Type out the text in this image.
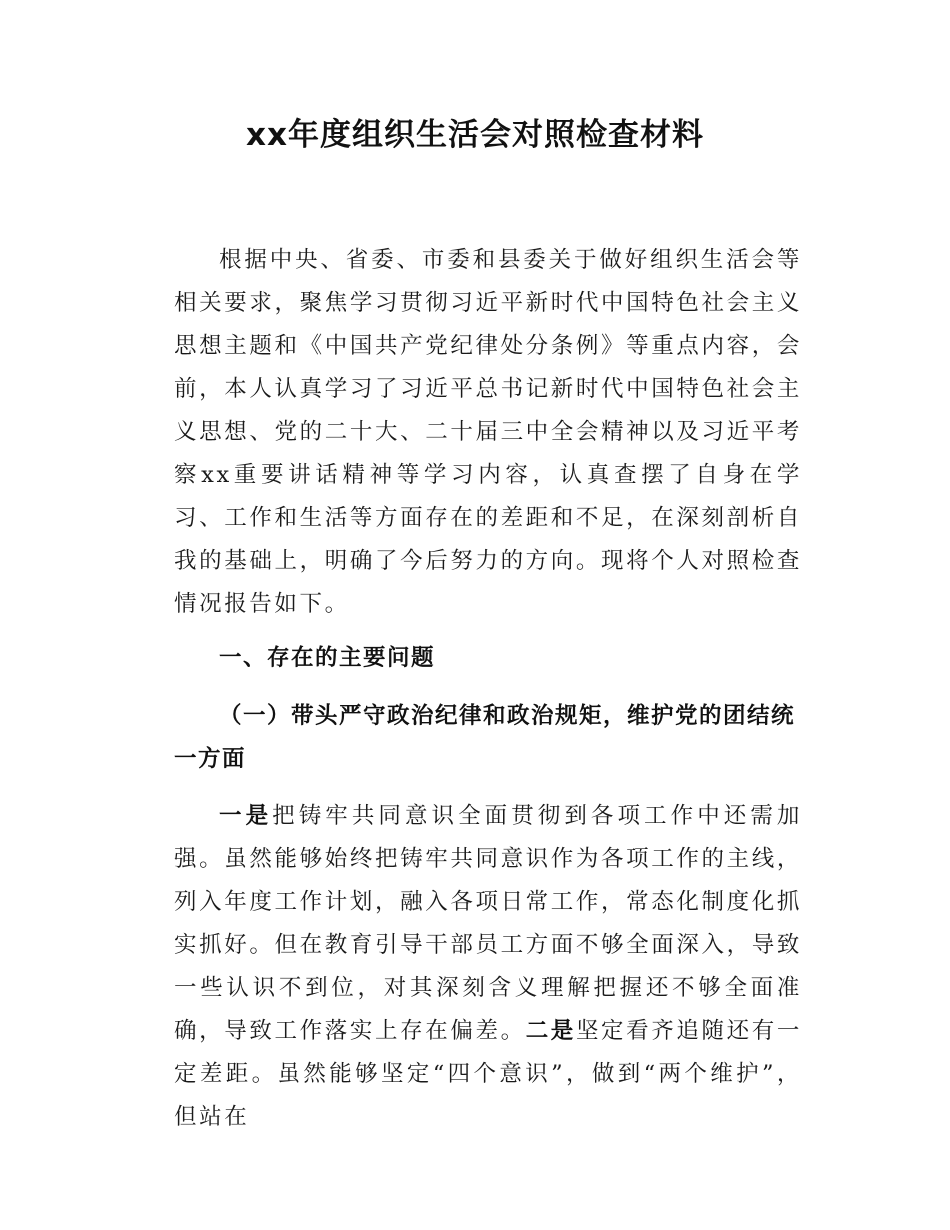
xx年度组织生活会对照检查材料

根据中央、省委、市委和县委关于做好组织生活会等相关要求，聚焦学习贯彻习近平新时代中国特色社会主义思想主题和《中国共产党纪律处分条例》等重点内容，会前，本人认真学习了习近平总书记新时代中国特色社会主义思想、党的二十大、二十届三中全会精神以及习近平考察xx重要讲话精神等学习内容，认真查摆了自身在学习、工作和生活等方面存在的差距和不足，在深刻剖析自我的基础上，明确了今后努力的方向。现将个人对照检查情况报告如下。

一、存在的主要问题

（一）带头严守政治纪律和政治规矩，维护党的团结统一方面

一是把铸牢共同意识全面贯彻到各项工作中还需加强。虽然能够始终把铸牢共同意识作为各项工作的主线，列入年度工作计划，融入各项日常工作，常态化制度化抓实抓好。但在教育引导干部员工方面不够全面深入，导致一些认识不到位，对其深刻含义理解把握还不够全面准确，导致工作落实上存在偏差。二是坚定看齐追随还有一定差距。虽然能够坚定“四个意识”，做到“两个维护”，但站在
